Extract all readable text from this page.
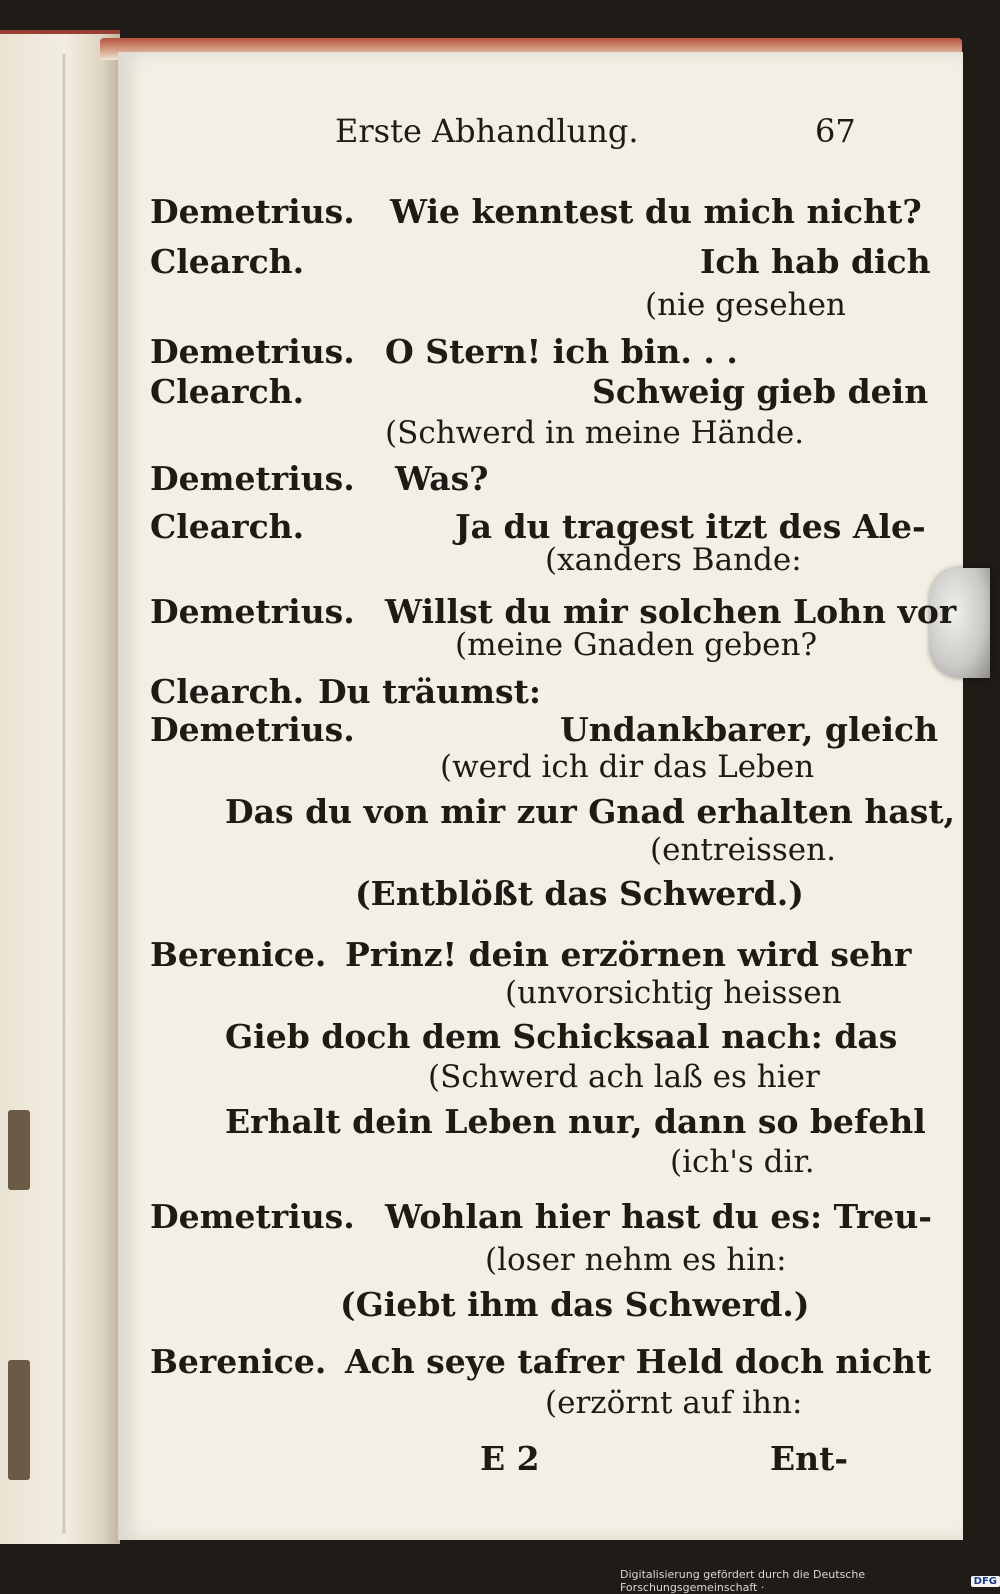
Erste Abhandlung.	67
Demetrius. Wie kenntest du mich nicht?
Clearch.	Ich hab dich
(nie gesehen
Demetrius. O Stern! ich bin. . .
Clearch.	Schweig gieb dein
(Schwerd in meine Hände.
Demetrius. Was?
Clearch.	Ja du tragest itzt des Ale-
(xanders Bande:
Demetrius. Willst du mir solchen Lohn vor
(meine Gnaden geben?
Clearch. Du träumst:
Demetrius.	Undankbarer, gleich
(werd ich dir das Leben
Das du von mir zur Gnad erhalten hast,
(entreissen.
(Entblößt das Schwerd.)
Berenice. Prinz! dein erzörnen wird sehr
(unvorsichtig heissen
Gieb doch dem Schicksaal nach: das
(Schwerd ach laß es hier
Erhalt dein Leben nur, dann so befehl
(ich's dir.
Demetrius. Wohlan hier hast du es: Treu-
(loser nehm es hin:
(Giebt ihm das Schwerd.)
Berenice. Ach seye tafrer Held doch nicht
(erzörnt auf ihn:
E 2	Ent-
Digitalisierung gefördert durch die Deutsche Forschungsgemeinschaft ·	DFG
